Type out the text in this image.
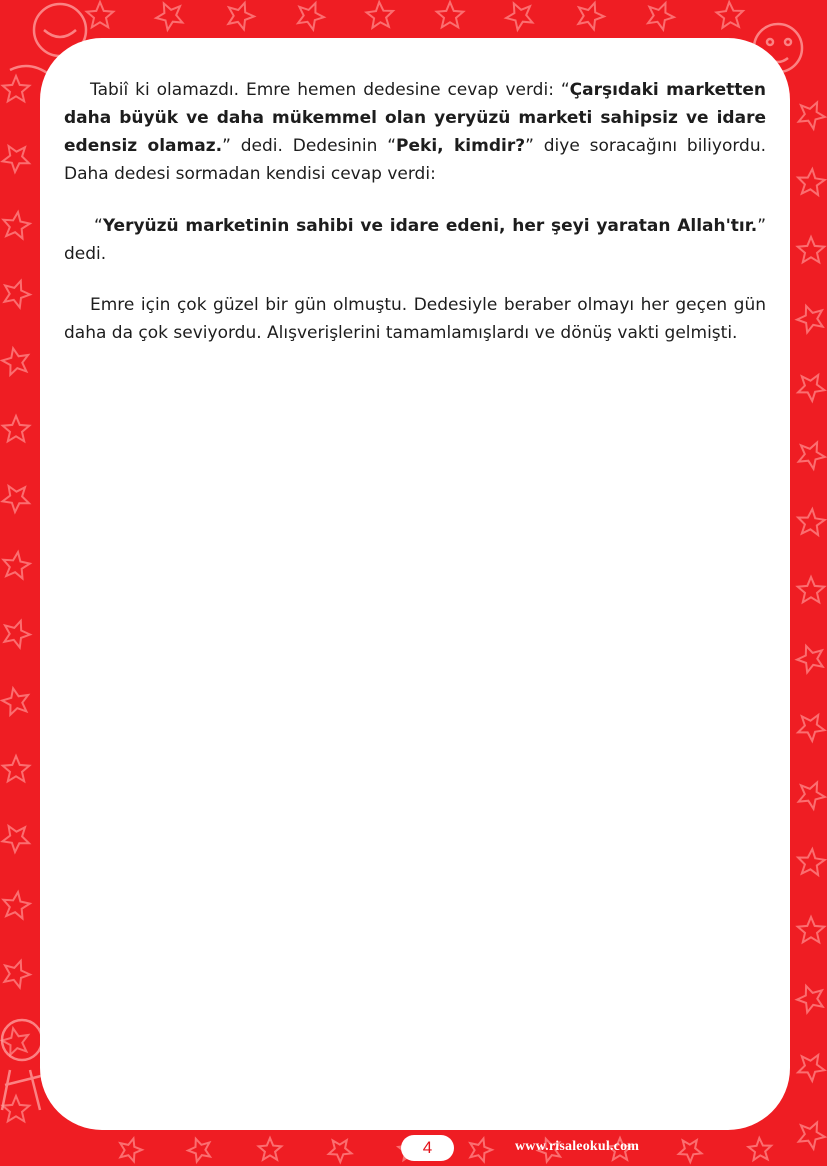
Tabiî ki olamazdı. Emre hemen dedesine cevap verdi: “Çarşıdaki marketten daha büyük ve daha mükemmel olan yeryüzü marketi sahipsiz ve idare edensiz olamaz.” dedi. Dedesinin “Peki, kimdir?” diye soracağını biliyordu. Daha dedesi sormadan kendisi cevap verdi:

“Yeryüzü marketinin sahibi ve idare edeni, her şeyi yaratan Allah'tır.” dedi.

Emre için çok güzel bir gün olmuştu. Dedesiyle beraber olmayı her geçen gün daha da çok seviyordu. Alışverişlerini tamamlamışlardı ve dönüş vakti gelmişti.

4	www.risaleokul.com
